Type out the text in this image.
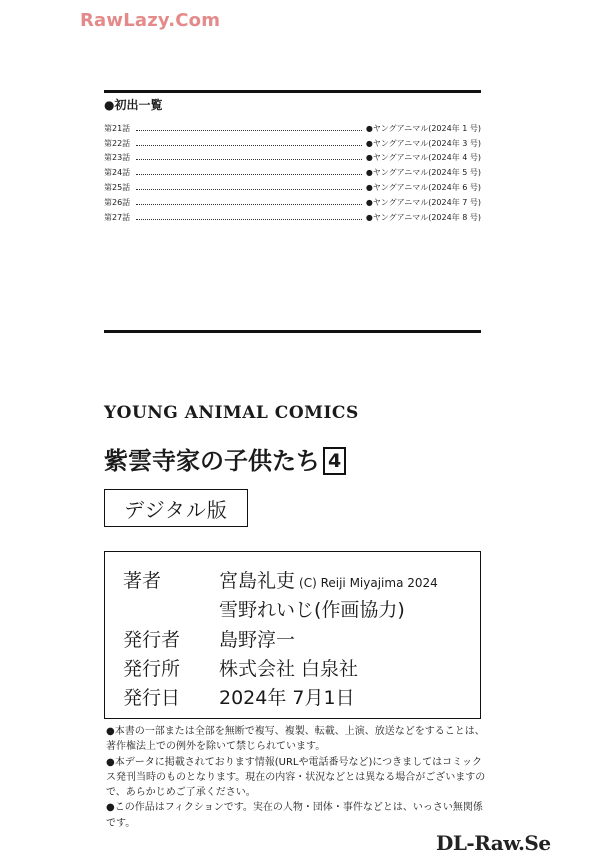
RawLazy.Com
●初出一覧
第21話	●ヤングアニマル(2024年 1 号)
第22話	●ヤングアニマル(2024年 3 号)
第23話	●ヤングアニマル(2024年 4 号)
第24話	●ヤングアニマル(2024年 5 号)
第25話	●ヤングアニマル(2024年 6 号)
第26話	●ヤングアニマル(2024年 7 号)
第27話	●ヤングアニマル(2024年 8 号)
YOUNG ANIMAL COMICS
紫雲寺家の子供たち 4
デジタル版
著者	宮島礼吏 (C) Reiji Miyajima 2024
雪野れいじ(作画協力)
発行者 島野淳一
発行所 株式会社 白泉社
発行日 2024年 7月1日

●本書の一部または全部を無断で複写、複製、転載、上演、放送などをすることは、著作権法上での例外を除いて禁じられています。

●本データに掲載されております情報(URLや電話番号など)につきましてはコミックス発刊当時のものとなります。現在の内容・状況などとは異なる場合がございますので、あらかじめご了承ください。

●この作品はフィクションです。実在の人物・団体・事件などとは、いっさい無関係です。

DL-Raw.Se
